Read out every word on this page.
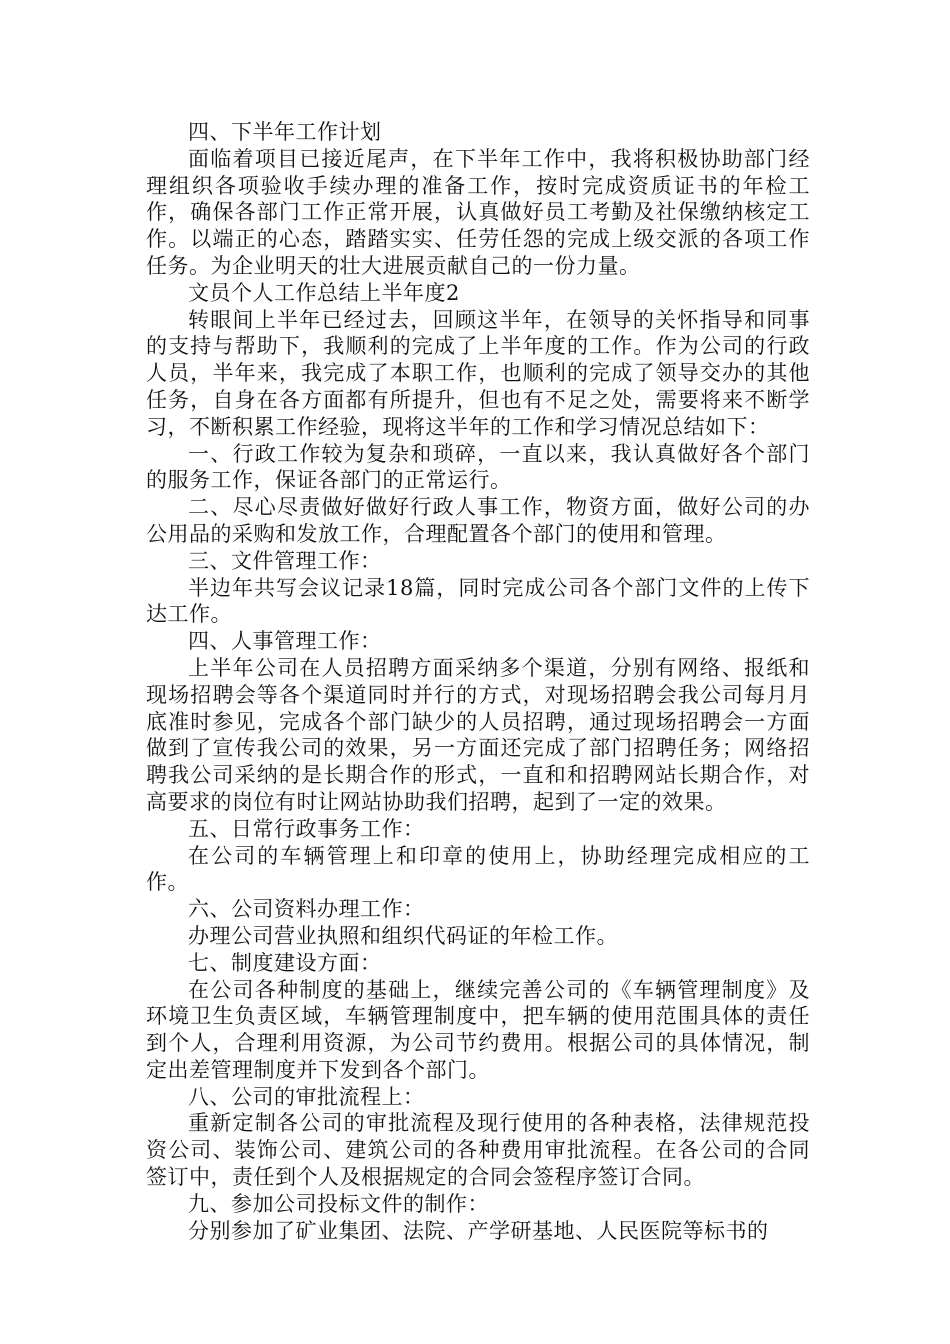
四、下半年工作计划

面临着项目已接近尾声，在下半年工作中，我将积极协助部门经理组织各项验收手续办理的准备工作，按时完成资质证书的年检工作，确保各部门工作正常开展，认真做好员工考勤及社保缴纳核定工作。以端正的心态，踏踏实实、任劳任怨的完成上级交派的各项工作任务。为企业明天的壮大进展贡献自己的一份力量。

文员个人工作总结上半年度2

转眼间上半年已经过去，回顾这半年，在领导的关怀指导和同事的支持与帮助下，我顺利的完成了上半年度的工作。作为公司的行政人员，半年来，我完成了本职工作，也顺利的完成了领导交办的其他任务，自身在各方面都有所提升，但也有不足之处，需要将来不断学习，不断积累工作经验，现将这半年的工作和学习情况总结如下：

一、行政工作较为复杂和琐碎，一直以来，我认真做好各个部门的服务工作，保证各部门的正常运行。

二、尽心尽责做好做好行政人事工作，物资方面，做好公司的办公用品的采购和发放工作，合理配置各个部门的使用和管理。

三、文件管理工作：

半边年共写会议记录18篇，同时完成公司各个部门文件的上传下达工作。

四、人事管理工作：

上半年公司在人员招聘方面采纳多个渠道，分别有网络、报纸和现场招聘会等各个渠道同时并行的方式，对现场招聘会我公司每月月底准时参见，完成各个部门缺少的人员招聘，通过现场招聘会一方面做到了宣传我公司的效果，另一方面还完成了部门招聘任务；网络招聘我公司采纳的是长期合作的形式，一直和和招聘网站长期合作，对高要求的岗位有时让网站协助我们招聘，起到了一定的效果。

五、日常行政事务工作：

在公司的车辆管理上和印章的使用上，协助经理完成相应的工作。

六、公司资料办理工作：

办理公司营业执照和组织代码证的年检工作。

七、制度建设方面：

在公司各种制度的基础上，继续完善公司的《车辆管理制度》及环境卫生负责区域，车辆管理制度中，把车辆的使用范围具体的责任到个人，合理利用资源，为公司节约费用。根据公司的具体情况，制定出差管理制度并下发到各个部门。

八、公司的审批流程上：

重新定制各公司的审批流程及现行使用的各种表格，法律规范投资公司、装饰公司、建筑公司的各种费用审批流程。在各公司的合同签订中，责任到个人及根据规定的合同会签程序签订合同。

九、参加公司投标文件的制作：

分别参加了矿业集团、法院、产学研基地、人民医院等标书的
